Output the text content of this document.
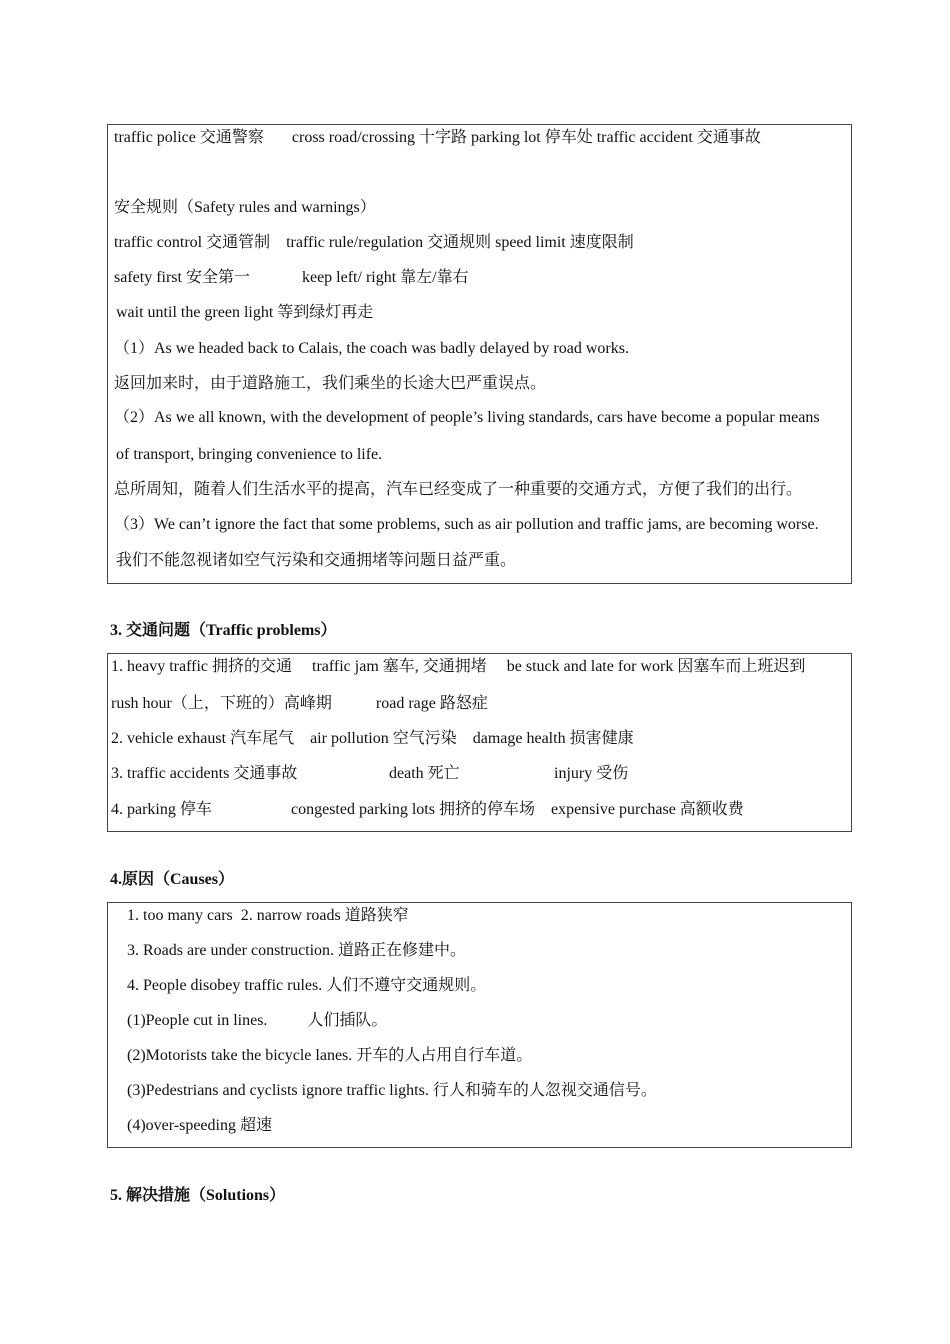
traffic police 交通警察       cross road/crossing 十字路 parking lot 停车处 traffic accident 交通事故
安全规则（Safety rules and warnings）
traffic control 交通管制    traffic rule/regulation 交通规则 speed limit 速度限制
safety first 安全第一             keep left/ right 靠左/靠右
wait until the green light 等到绿灯再走
（1）As we headed back to Calais, the coach was badly delayed by road works.
返回加来时，由于道路施工，我们乘坐的长途大巴严重误点。
（2）As we all known, with the development of people’s living standards, cars have become a popular means
of transport, bringing convenience to life.
总所周知，随着人们生活水平的提高，汽车已经变成了一种重要的交通方式，方便了我们的出行。
（3）We can’t ignore the fact that some problems, such as air pollution and traffic jams, are becoming worse.
我们不能忽视诸如空气污染和交通拥堵等问题日益严重。
3. 交通问题（Traffic problems）
1. heavy traffic 拥挤的交通     traffic jam 塞车, 交通拥堵     be stuck and late for work 因塞车而上班迟到
rush hour（上，下班的）高峰期           road rage 路怒症
2. vehicle exhaust 汽车尾气    air pollution 空气污染    damage health 损害健康
3. traffic accidents 交通事故	death 死亡	injury 受伤
4. parking 停车	congested parking lots 拥挤的停车场    expensive purchase 高额收费
4.原因（Causes）
1. too many cars  2. narrow roads 道路狭窄
3. Roads are under construction. 道路正在修建中。
4. People disobey traffic rules. 人们不遵守交通规则。
(1)People cut in lines.          人们插队。
(2)Motorists take the bicycle lanes. 开车的人占用自行车道。
(3)Pedestrians and cyclists ignore traffic lights. 行人和骑车的人忽视交通信号。
(4)over-speeding 超速
5. 解决措施（Solutions）
